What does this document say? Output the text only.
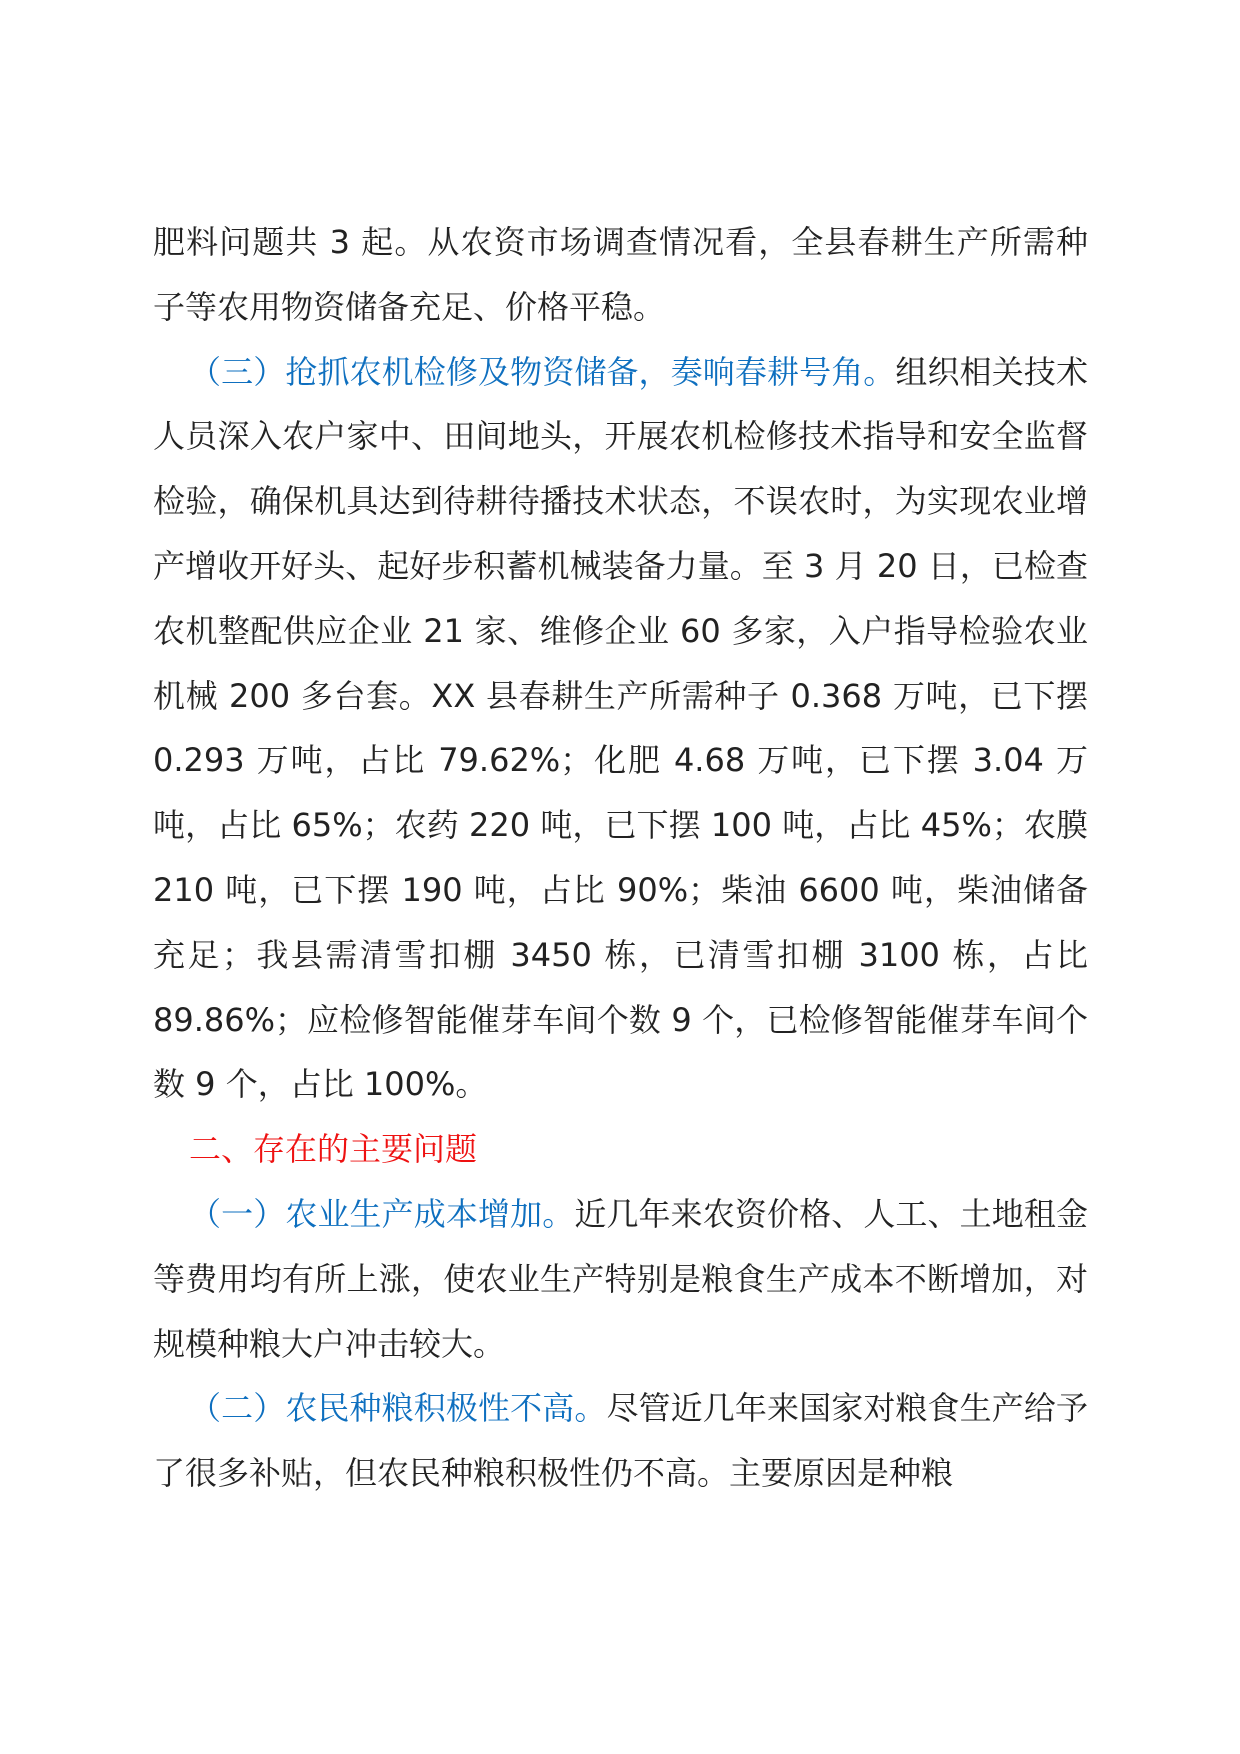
肥料问题共 3 起。从农资市场调查情况看，全县春耕生产所需种子等农用物资储备充足、价格平稳。

（三）抢抓农机检修及物资储备，奏响春耕号角。组织相关技术人员深入农户家中、田间地头，开展农机检修技术指导和安全监督检验，确保机具达到待耕待播技术状态，不误农时，为实现农业增产增收开好头、起好步积蓄机械装备力量。至 3 月 20 日，已检查农机整配供应企业 21 家、维修企业 60 多家，入户指导检验农业机械 200 多台套。XX 县春耕生产所需种子 0.368 万吨，已下摆 0.293 万吨，占比 79.62%；化肥 4.68 万吨，已下摆 3.04 万吨，占比 65%；农药 220 吨，已下摆 100 吨，占比 45%；农膜 210 吨，已下摆 190 吨，占比 90%；柴油 6600 吨，柴油储备充足；我县需清雪扣棚 3450 栋，已清雪扣棚 3100 栋，占比 89.86%；应检修智能催芽车间个数 9 个，已检修智能催芽车间个数 9 个，占比 100%。

二、存在的主要问题

（一）农业生产成本增加。近几年来农资价格、人工、土地租金等费用均有所上涨，使农业生产特别是粮食生产成本不断增加，对规模种粮大户冲击较大。

（二）农民种粮积极性不高。尽管近几年来国家对粮食生产给予了很多补贴，但农民种粮积极性仍不高。主要原因是种粮
